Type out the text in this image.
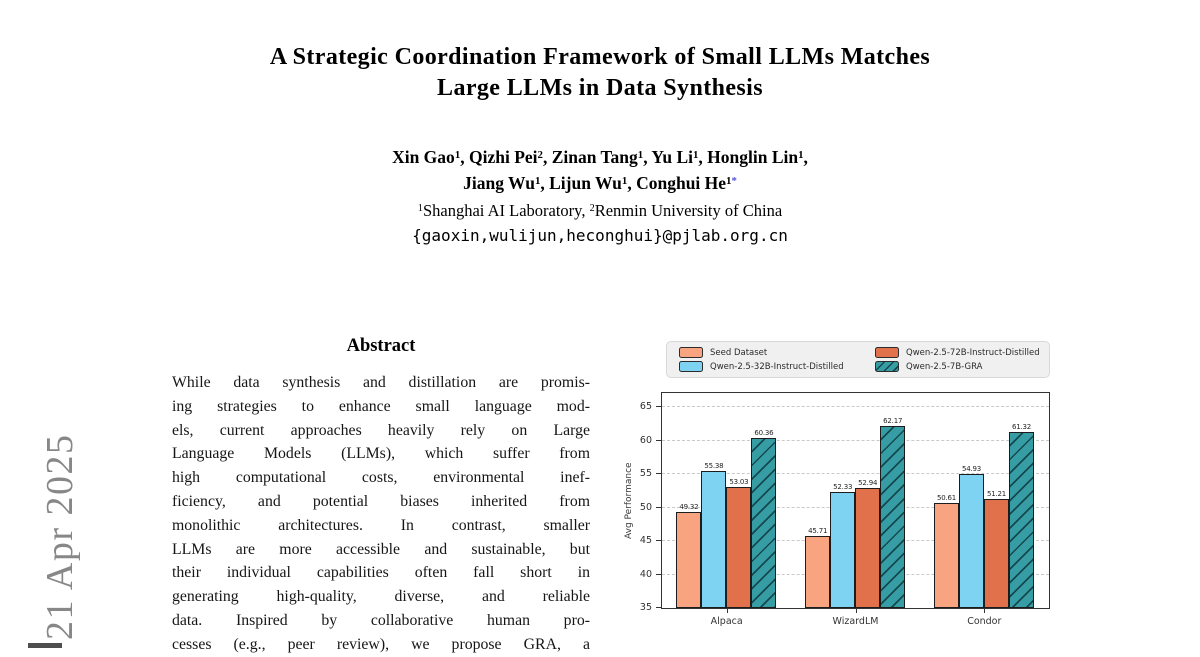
21 Apr 2025
A Strategic Coordination Framework of Small LLMs Matches
Large LLMs in Data Synthesis
Xin Gao$^1$, Qizhi Pei$^2$, Zinan Tang$^1$, Yu Li$^1$, Honglin Lin$^1$,
Jiang Wu$^1$, Lijun Wu$^1$, Conghui $He^{1*}$
$^1$Shanghai AI Laboratory, $^2$Renmin University of China
{gaoxin,wulijun,heconghui}@pjlab.org.cn
Abstract
While data synthesis and distillation are promis-
ing strategies to enhance small language mod-
els, current approaches heavily rely on Large
Language Models (LLMs), which suffer from
high computational costs, environmental inef-
ficiency, and potential biases inherited from
monolithic architectures. In contrast, smaller
LLMs are more accessible and sustainable, but
their individual capabilities often fall short in
generating high-quality, diverse, and reliable
data. Inspired by collaborative human pro-
cesses (e.g., peer review), we propose GRA, a
Seed Dataset	Qwen-2.5-72B-Instruct-Distilled
Qwen-2.5-32B-Instruct-Distilled	Qwen-2.5-7B-GRA
Avg Performance	49.32
55.38
53.03
60.36
45.71
52.33
52.94
62.17
50.61
54.93
51.21
61.32
35
40
45
50
55
60
65
Alpaca	WizardLM	Condor
